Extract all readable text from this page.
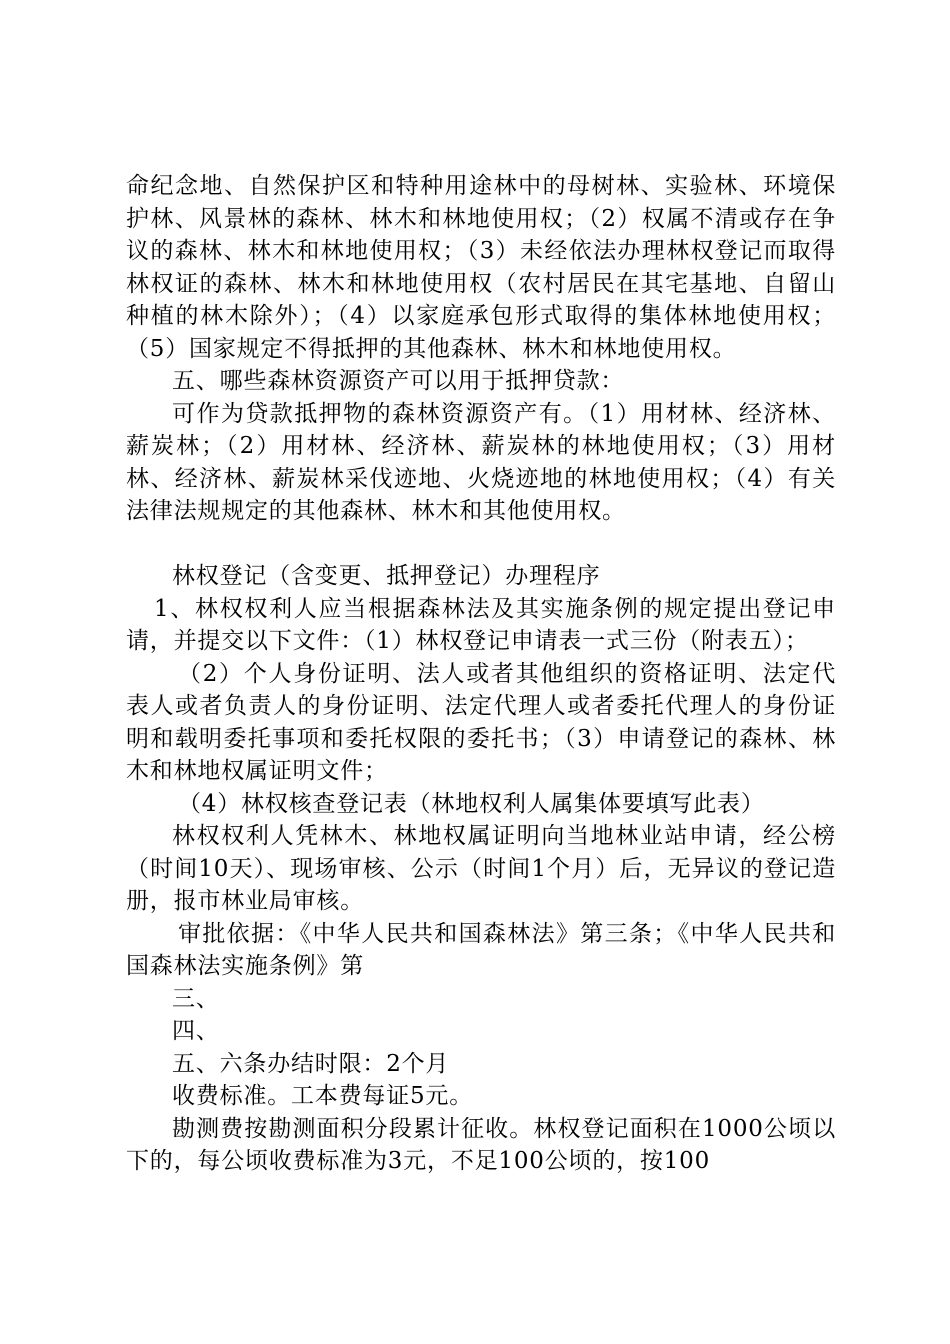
命纪念地、自然保护区和特种用途林中的母树林、实验林、环境保护林、风景林的森林、林木和林地使用权；（2）权属不清或存在争议的森林、林木和林地使用权；（3）未经依法办理林权登记而取得林权证的森林、林木和林地使用权（农村居民在其宅基地、自留山种植的林木除外）；（4）以家庭承包形式取得的集体林地使用权；（5）国家规定不得抵押的其他森林、林木和林地使用权。

五、哪些森林资源资产可以用于抵押贷款：

可作为贷款抵押物的森林资源资产有。（1）用材林、经济林、薪炭林；（2）用材林、经济林、薪炭林的林地使用权；（3）用材林、经济林、薪炭林采伐迹地、火烧迹地的林地使用权；（4）有关法律法规规定的其他森林、林木和其他使用权。

林权登记（含变更、抵押登记）办理程序

1、林权权利人应当根据森林法及其实施条例的规定提出登记申请，并提交以下文件：（1）林权登记申请表一式三份（附表五）；

（2）个人身份证明、法人或者其他组织的资格证明、法定代表人或者负责人的身份证明、法定代理人或者委托代理人的身份证明和载明委托事项和委托权限的委托书；（3）申请登记的森林、林木和林地权属证明文件；

（4）林权核查登记表（林地权利人属集体要填写此表）

林权权利人凭林木、林地权属证明向当地林业站申请，经公榜（时间10天）、现场审核、公示（时间1个月）后，无异议的登记造册，报市林业局审核。

审批依据：《中华人民共和国森林法》第三条；《中华人民共和国森林法实施条例》第

三、

四、

五、六条办结时限：2个月

收费标准。工本费每证5元。

勘测费按勘测面积分段累计征收。林权登记面积在1000公顷以下的，每公顷收费标准为3元，不足100公顷的，按100
